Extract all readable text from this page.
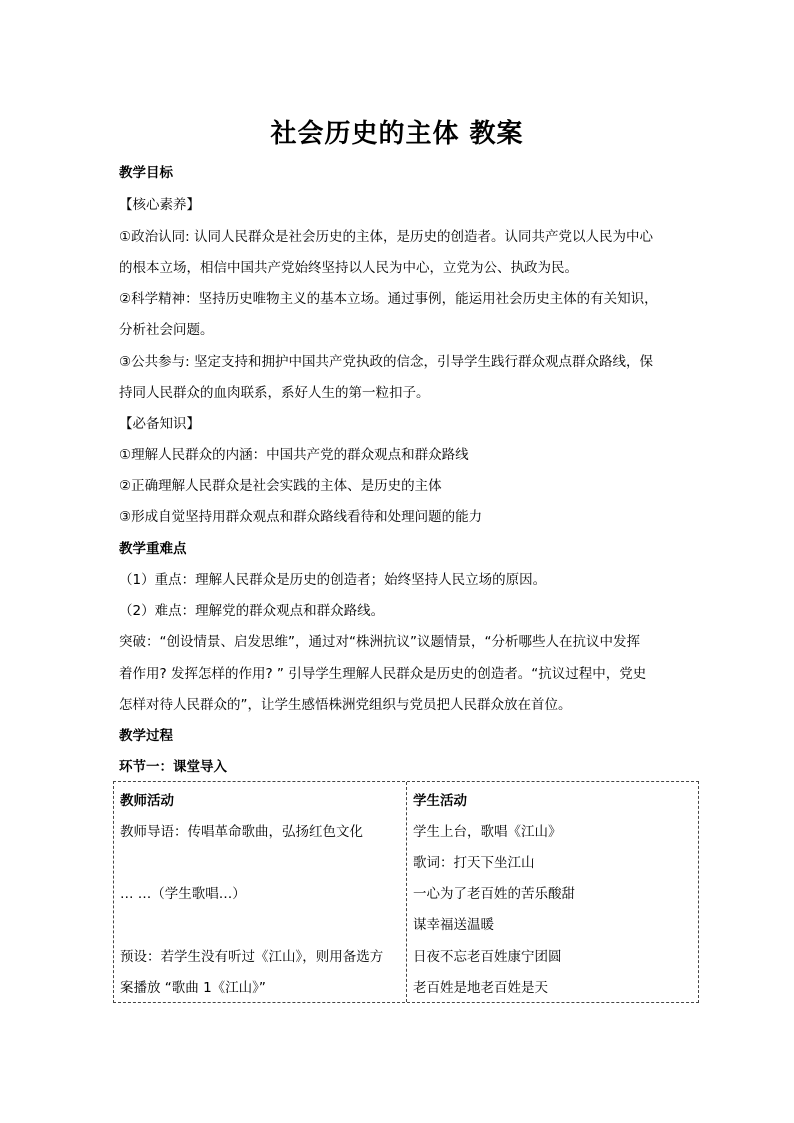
社会历史的主体 教案
教学目标
【核心素养】
①政治认同: 认同人民群众是社会历史的主体，是历史的创造者。认同共产党以人民为中心
的根本立场，相信中国共产党始终坚持以人民为中心，立党为公、执政为民。
②科学精神：坚持历史唯物主义的基本立场。通过事例，能运用社会历史主体的有关知识，
分析社会问题。
③公共参与: 坚定支持和拥护中国共产党执政的信念，引导学生践行群众观点群众路线，保
持同人民群众的血肉联系，系好人生的第一粒扣子。
【必备知识】
①理解人民群众的内涵：中国共产党的群众观点和群众路线
②正确理解人民群众是社会实践的主体、是历史的主体
③形成自觉坚持用群众观点和群众路线看待和处理问题的能力
教学重难点
（1）重点：理解人民群众是历史的创造者；始终坚持人民立场的原因。
（2）难点：理解党的群众观点和群众路线。
突破：“创设情景、启发思维”，通过对“株洲抗议”议题情景，“分析哪些人在抗议中发挥
着作用? 发挥怎样的作用? ” 引导学生理解人民群众是历史的创造者。“抗议过程中，党史
怎样对待人民群众的”，让学生感悟株洲党组织与党员把人民群众放在首位。
教学过程
环节一：课堂导入
教师活动	学生活动
教师导语：传唱革命歌曲，弘扬红色文化
… …（学生歌唱…）
预设：若学生没有听过《江山》，则用备选方
案播放 “歌曲 1《江山》”
学生上台，歌唱《江山》
歌词：打天下坐江山
一心为了老百姓的苦乐酸甜
谋幸福送温暖
日夜不忘老百姓康宁团圆
老百姓是地老百姓是天
